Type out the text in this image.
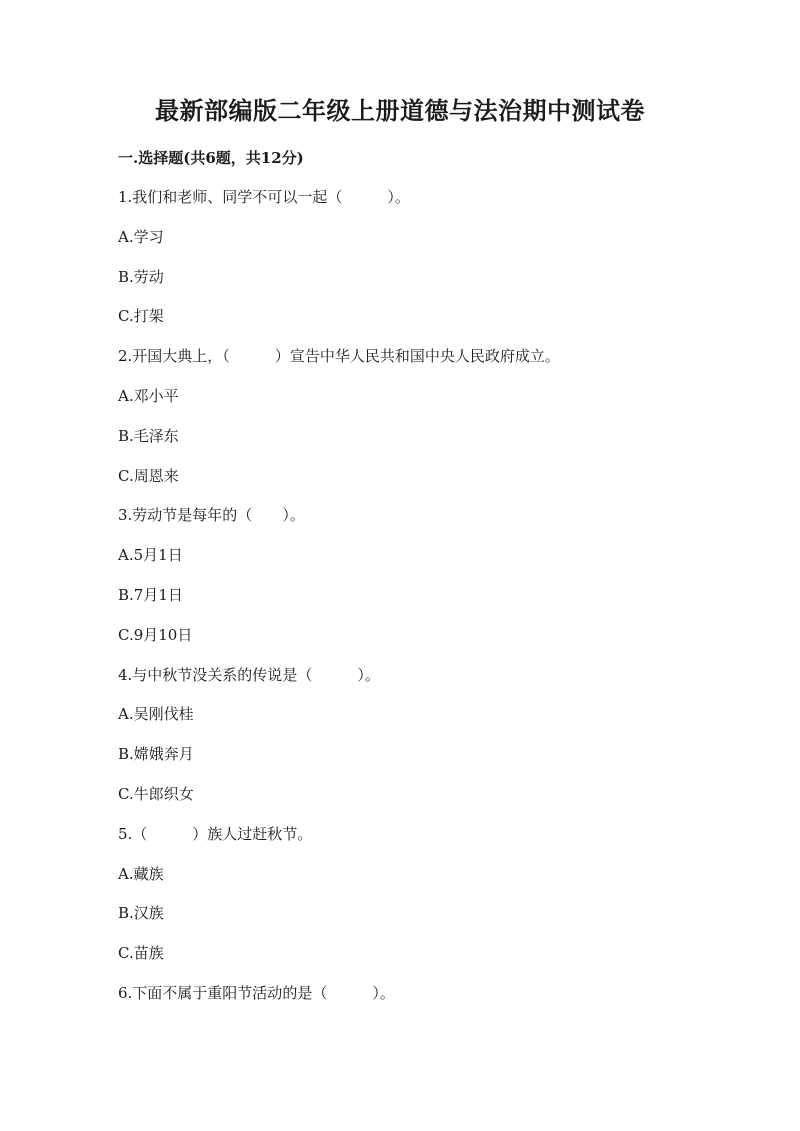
最新部编版二年级上册道德与法治期中测试卷
一.选择题(共6题，共12分)
1.我们和老师、同学不可以一起（　　　）。
A.学习
B.劳动
C.打架
2.开国大典上，（　　　）宣告中华人民共和国中央人民政府成立。
A.邓小平
B.毛泽东
C.周恩来
3.劳动节是每年的（　　）。
A.5月1日
B.7月1日
C.9月10日
4.与中秋节没关系的传说是（　　　）。
A.吴刚伐桂
B.嫦娥奔月
C.牛郎织女
5.（　　　）族人过赶秋节。
A.藏族
B.汉族
C.苗族
6.下面不属于重阳节活动的是（　　　）。
